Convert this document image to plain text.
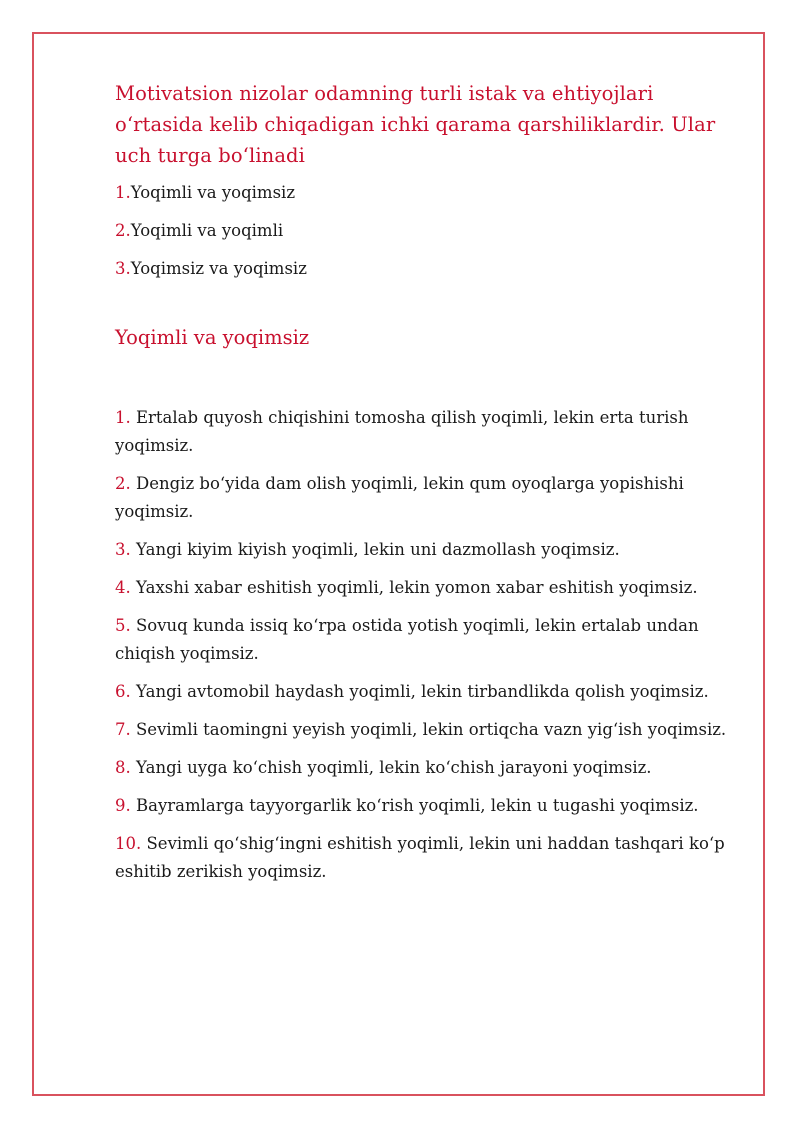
Motivatsion nizolar odamning turli istak va ehtiyojlari o‘rtasida kelib chiqadigan ichki qarama qarshiliklardir. Ular uch turga bo‘linadi

1.Yoqimli va yoqimsiz
2.Yoqimli va yoqimli
3.Yoqimsiz va yoqimsiz
Yoqimli va yoqimsiz
1. Ertalab quyosh chiqishini tomosha qilish yoqimli, lekin erta turish yoqimsiz.
2. Dengiz bo‘yida dam olish yoqimli, lekin qum oyoqlarga yopishishi yoqimsiz.
3. Yangi kiyim kiyish yoqimli, lekin uni dazmollash yoqimsiz.
4. Yaxshi xabar eshitish yoqimli, lekin yomon xabar eshitish yoqimsiz.
5. Sovuq kunda issiq ko‘rpa ostida yotish yoqimli, lekin ertalab undan chiqish yoqimsiz.
6. Yangi avtomobil haydash yoqimli, lekin tirbandlikda qolish yoqimsiz.
7. Sevimli taomingni yeyish yoqimli, lekin ortiqcha vazn yig‘ish yoqimsiz.
8. Yangi uyga ko‘chish yoqimli, lekin ko‘chish jarayoni yoqimsiz.
9. Bayramlarga tayyorgarlik ko‘rish yoqimli, lekin u tugashi yoqimsiz.
10. Sevimli qo‘shig‘ingni eshitish yoqimli, lekin uni haddan tashqari ko‘p eshitib zerikish yoqimsiz.
